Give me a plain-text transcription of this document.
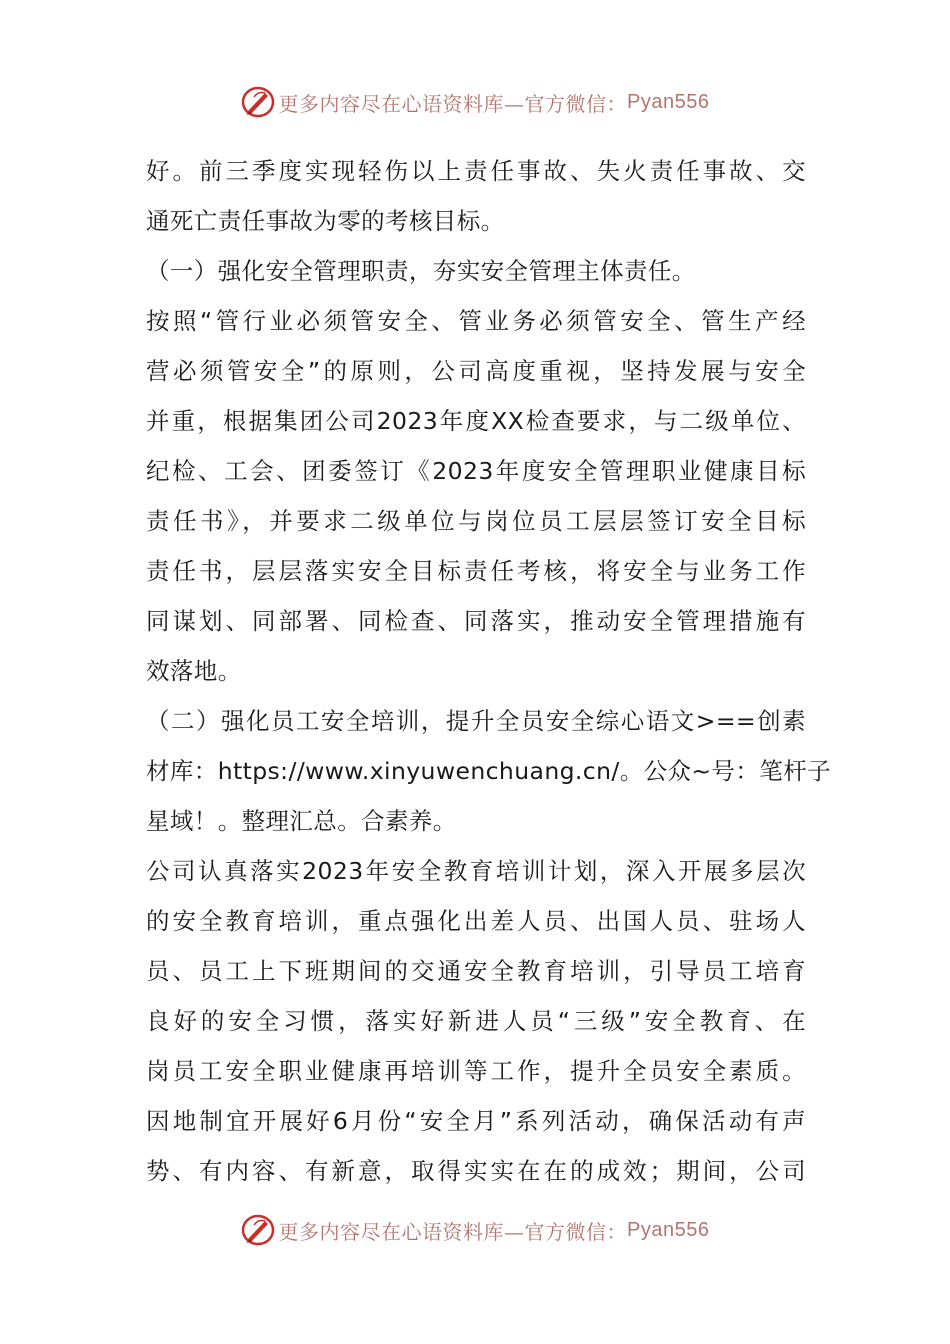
更多内容尽在心语资料库—官方微信： Pyan556
好。前三季度实现轻伤以上责任事故、失火责任事故、交
通死亡责任事故为零的考核目标。
（一）强化安全管理职责，夯实安全管理主体责任。
按照“管行业必须管安全、管业务必须管安全、管生产经
营必须管安全”的原则，公司高度重视，坚持发展与安全
并重，根据集团公司2023年度XX检查要求，与二级单位、
纪检、工会、团委签订《2023年度安全管理职业健康目标
责任书》，并要求二级单位与岗位员工层层签订安全目标
责任书，层层落实安全目标责任考核，将安全与业务工作
同谋划、同部署、同检查、同落实，推动安全管理措施有
效落地。
（二）强化员工安全培训，提升全员安全综心语文>==创素
材库：https://www.xinyuwenchuang.cn/。公众~号：笔杆子
星域！。整理汇总。合素养。
公司认真落实2023年安全教育培训计划，深入开展多层次
的安全教育培训，重点强化出差人员、出国人员、驻场人
员、员工上下班期间的交通安全教育培训，引导员工培育
良好的安全习惯，落实好新进人员“三级”安全教育、在
岗员工安全职业健康再培训等工作，提升全员安全素质。
因地制宜开展好6月份“安全月”系列活动，确保活动有声
势、有内容、有新意，取得实实在在的成效；期间，公司
更多内容尽在心语资料库—官方微信： Pyan556
